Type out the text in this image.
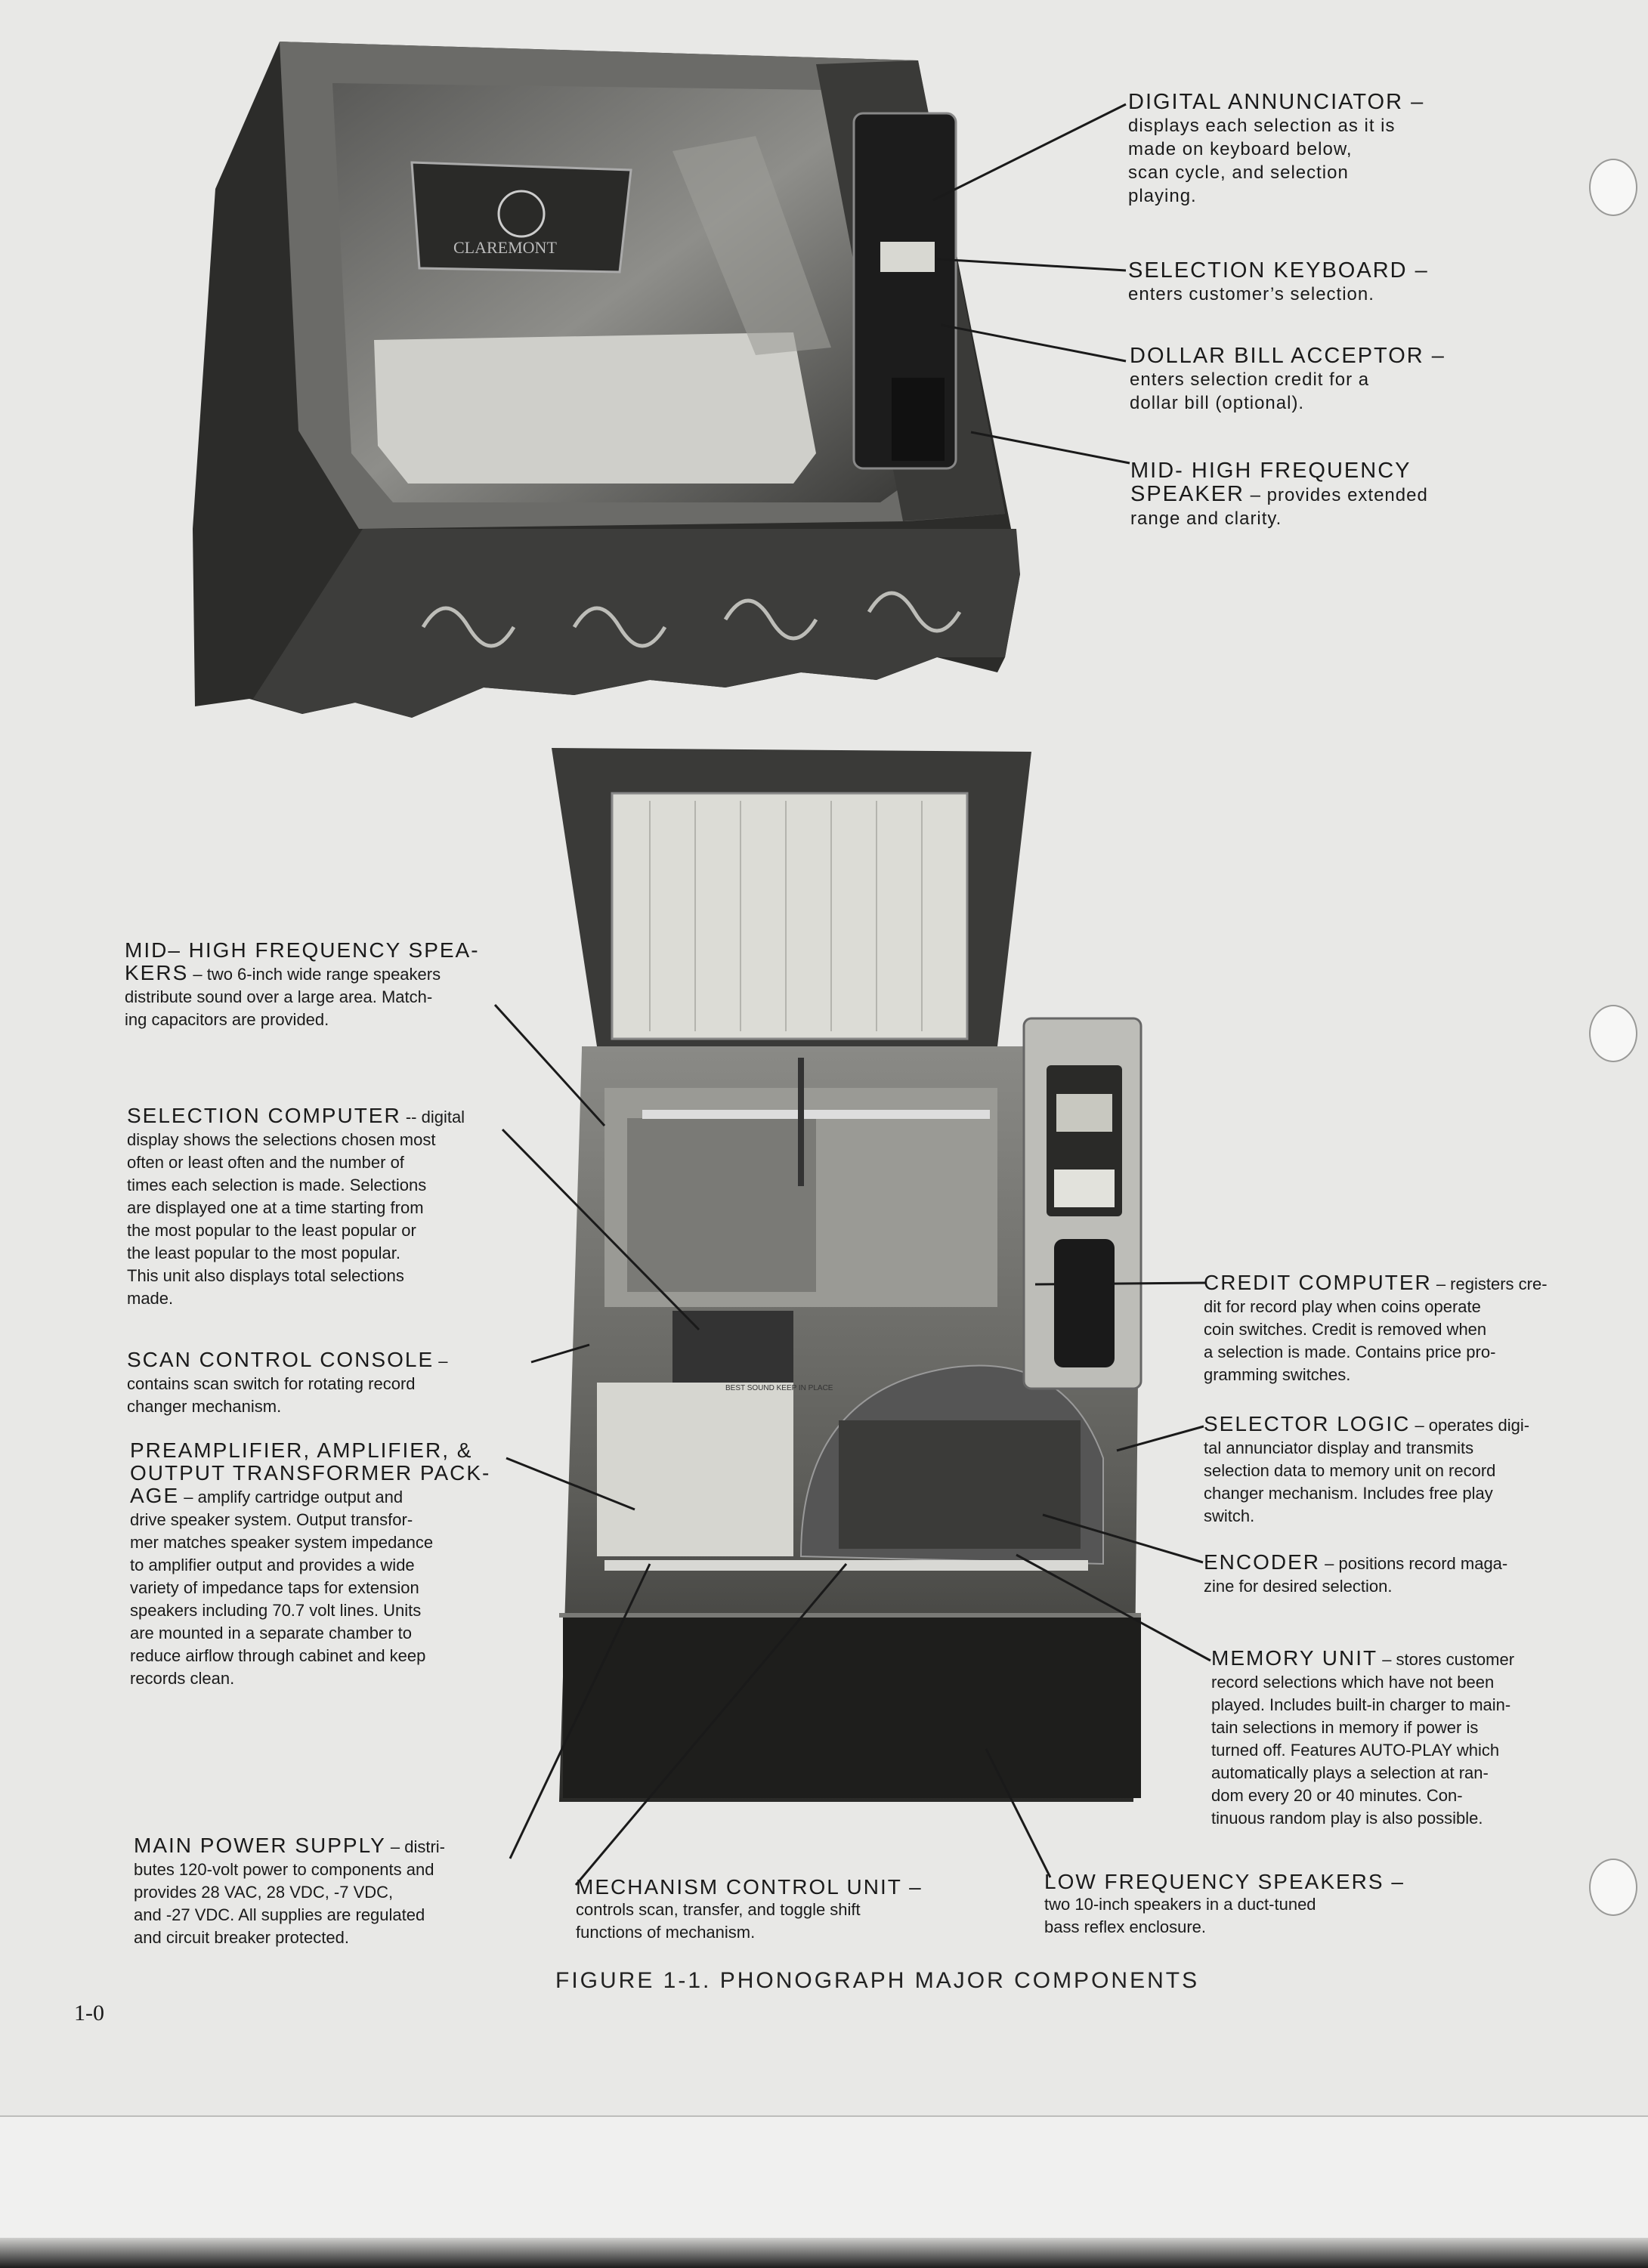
CLAREMONT
BEST SOUND KEEP IN PLACE
DIGITAL ANNUNCIATOR –
displays each selection as it is
made on keyboard below,
scan cycle, and selection
playing.
SELECTION KEYBOARD –
enters customer’s selection.
DOLLAR BILL ACCEPTOR –
enters selection credit for a
dollar bill (optional).
MID- HIGH FREQUENCY
SPEAKER – provides extended
range and clarity.
MID– HIGH FREQUENCY SPEA-
KERS – two 6-inch wide range speakers
distribute sound over a large area. Match-
ing capacitors are provided.
SELECTION COMPUTER -- digital
display shows the selections chosen most
often or least often and the number of
times each selection is made. Selections
are displayed one at a time starting from
the most popular to the least popular or
the least popular to the most popular.
This unit also displays total selections
made.
SCAN CONTROL CONSOLE –
contains scan switch for rotating record
changer mechanism.
PREAMPLIFIER, AMPLIFIER, &
OUTPUT TRANSFORMER PACK-
AGE – amplify cartridge output and
drive speaker system. Output transfor-
mer matches speaker system impedance
to amplifier output and provides a wide
variety of impedance taps for extension
speakers including 70.7 volt lines. Units
are mounted in a separate chamber to
reduce airflow through cabinet and keep
records clean.
MAIN POWER SUPPLY – distri-
butes 120-volt power to components and
provides 28 VAC, 28 VDC, -7 VDC,
and -27 VDC. All supplies are regulated
and circuit breaker protected.
MECHANISM CONTROL UNIT –
controls scan, transfer, and toggle shift
functions of mechanism.
LOW FREQUENCY SPEAKERS –
two 10-inch speakers in a duct-tuned
bass reflex enclosure.
CREDIT COMPUTER – registers cre-
dit for record play when coins operate
coin switches. Credit is removed when
a selection is made. Contains price pro-
gramming switches.
SELECTOR LOGIC – operates digi-
tal annunciator display and transmits
selection data to memory unit on record
changer mechanism. Includes free play
switch.
ENCODER – positions record maga-
zine for desired selection.
MEMORY UNIT – stores customer
record selections which have not been
played. Includes built-in charger to main-
tain selections in memory if power is
turned off. Features AUTO-PLAY which
automatically plays a selection at ran-
dom every 20 or 40 minutes. Con-
tinuous random play is also possible.
FIGURE 1-1. PHONOGRAPH MAJOR COMPONENTS
1-0
